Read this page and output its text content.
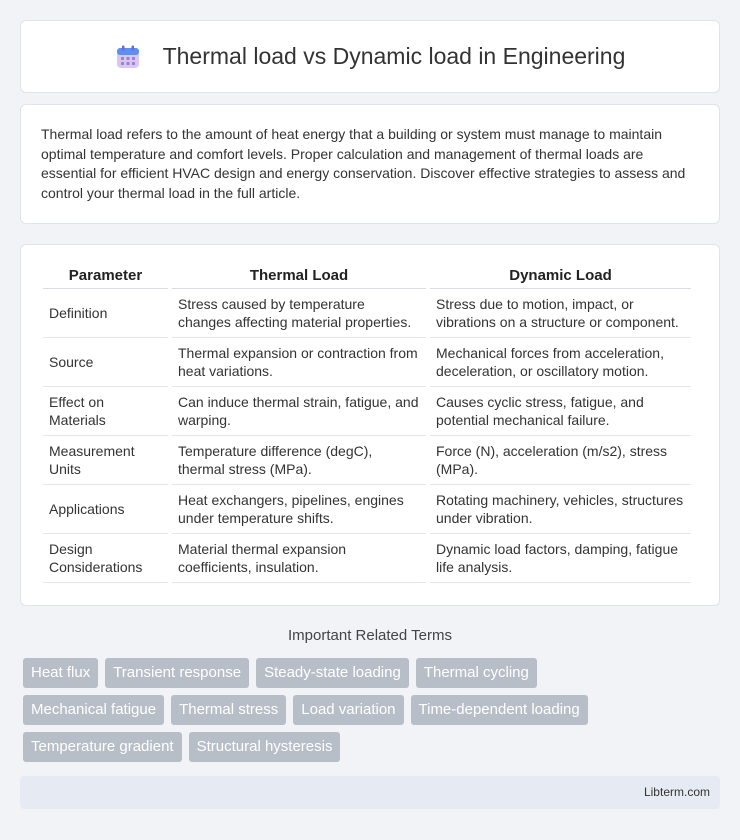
Thermal load vs Dynamic load in Engineering

Thermal load refers to the amount of heat energy that a building or system must manage to maintain optimal temperature and comfort levels. Proper calculation and management of thermal loads are essential for efficient HVAC design and energy conservation. Discover effective strategies to assess and control your thermal load in the full article.

Parameter	Thermal Load	Dynamic Load
Definition	Stress caused by temperature changes affecting material properties.	Stress due to motion, impact, or vibrations on a structure or component.
Source	Thermal expansion or contraction from heat variations.	Mechanical forces from acceleration, deceleration, or oscillatory motion.
Effect on Materials	Can induce thermal strain, fatigue, and warping.	Causes cyclic stress, fatigue, and potential mechanical failure.
Measurement Units	Temperature difference (degC), thermal stress (MPa).	Force (N), acceleration (m/s2), stress (MPa).
Applications	Heat exchangers, pipelines, engines under temperature shifts.	Rotating machinery, vehicles, structures under vibration.
Design Considerations	Material thermal expansion coefficients, insulation.	Dynamic load factors, damping, fatigue life analysis.
Important Related Terms
Heat flux	Transient response	Steady-state loading	Thermal cycling
Mechanical fatigue	Thermal stress	Load variation	Time-dependent loading
Temperature gradient	Structural hysteresis
Libterm.com
